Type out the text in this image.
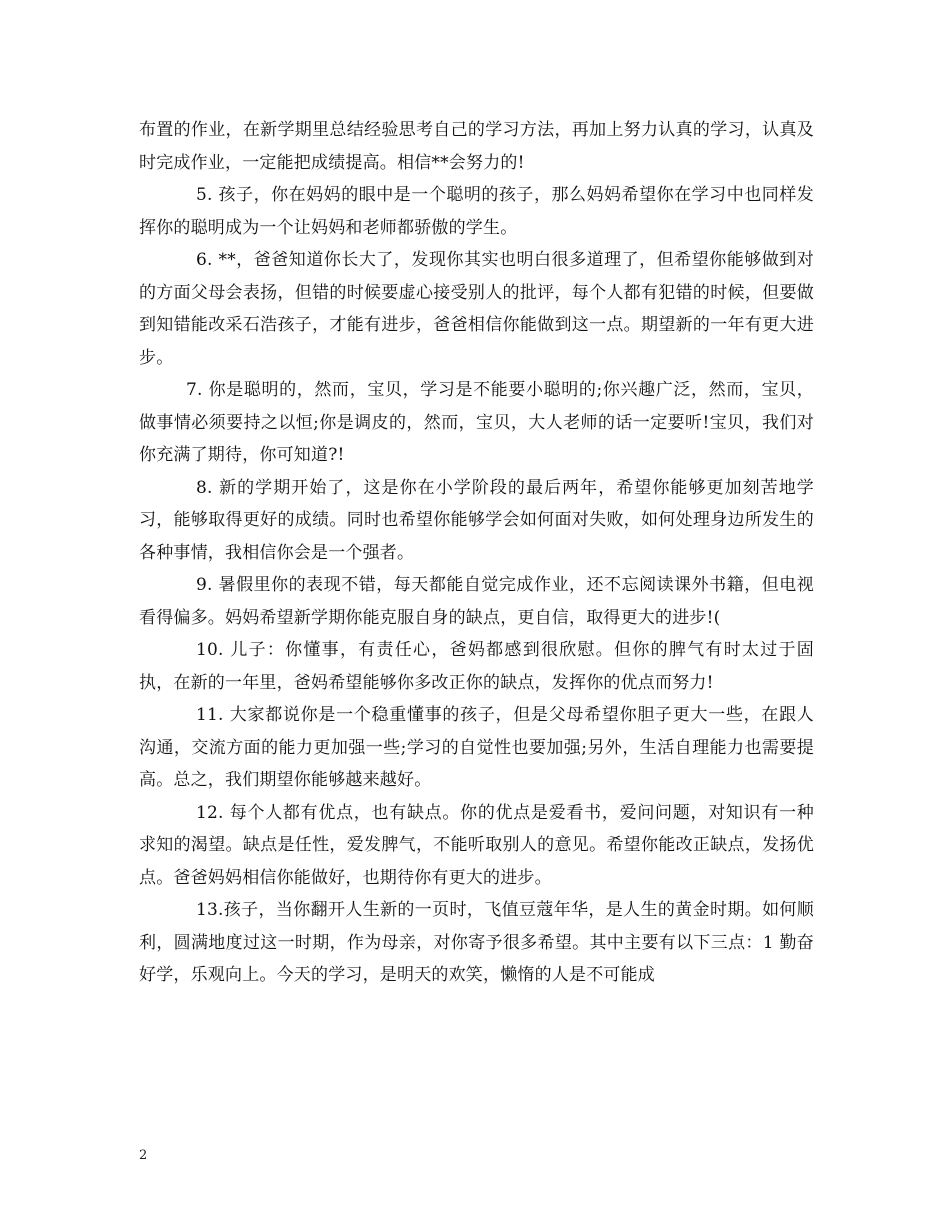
布置的作业，在新学期里总结经验思考自己的学习方法，再加上努力认真的学习，认真及时完成作业，一定能把成绩提高。相信**会努力的!

5. 孩子，你在妈妈的眼中是一个聪明的孩子，那么妈妈希望你在学习中也同样发挥你的聪明成为一个让妈妈和老师都骄傲的学生。

6. **，爸爸知道你长大了，发现你其实也明白很多道理了，但希望你能够做到对的方面父母会表扬，但错的时候要虚心接受别人的批评，每个人都有犯错的时候，但要做到知错能改采石浩孩子，才能有进步，爸爸相信你能做到这一点。期望新的一年有更大进步。

7. 你是聪明的，然而，宝贝，学习是不能要小聪明的;你兴趣广泛，然而，宝贝，做事情必须要持之以恒;你是调皮的，然而，宝贝，大人老师的话一定要听!宝贝，我们对你充满了期待，你可知道?!

8. 新的学期开始了，这是你在小学阶段的最后两年，希望你能够更加刻苦地学习，能够取得更好的成绩。同时也希望你能够学会如何面对失败，如何处理身边所发生的各种事情，我相信你会是一个强者。

9. 暑假里你的表现不错，每天都能自觉完成作业，还不忘阅读课外书籍，但电视看得偏多。妈妈希望新学期你能克服自身的缺点，更自信，取得更大的进步!(

10. 儿子：你懂事，有责任心，爸妈都感到很欣慰。但你的脾气有时太过于固执，在新的一年里，爸妈希望能够你多改正你的缺点，发挥你的优点而努力!

11. 大家都说你是一个稳重懂事的孩子，但是父母希望你胆子更大一些，在跟人沟通，交流方面的能力更加强一些;学习的自觉性也要加强;另外，生活自理能力也需要提高。总之，我们期望你能够越来越好。

12. 每个人都有优点，也有缺点。你的优点是爱看书，爱问问题，对知识有一种求知的渴望。缺点是任性，爱发脾气，不能听取别人的意见。希望你能改正缺点，发扬优点。爸爸妈妈相信你能做好，也期待你有更大的进步。

13.孩子，当你翻开人生新的一页时，飞值豆蔻年华，是人生的黄金时期。如何顺利，圆满地度过这一时期，作为母亲，对你寄予很多希望。其中主要有以下三点：1 勤奋好学，乐观向上。今天的学习，是明天的欢笑，懒惰的人是不可能成

2
